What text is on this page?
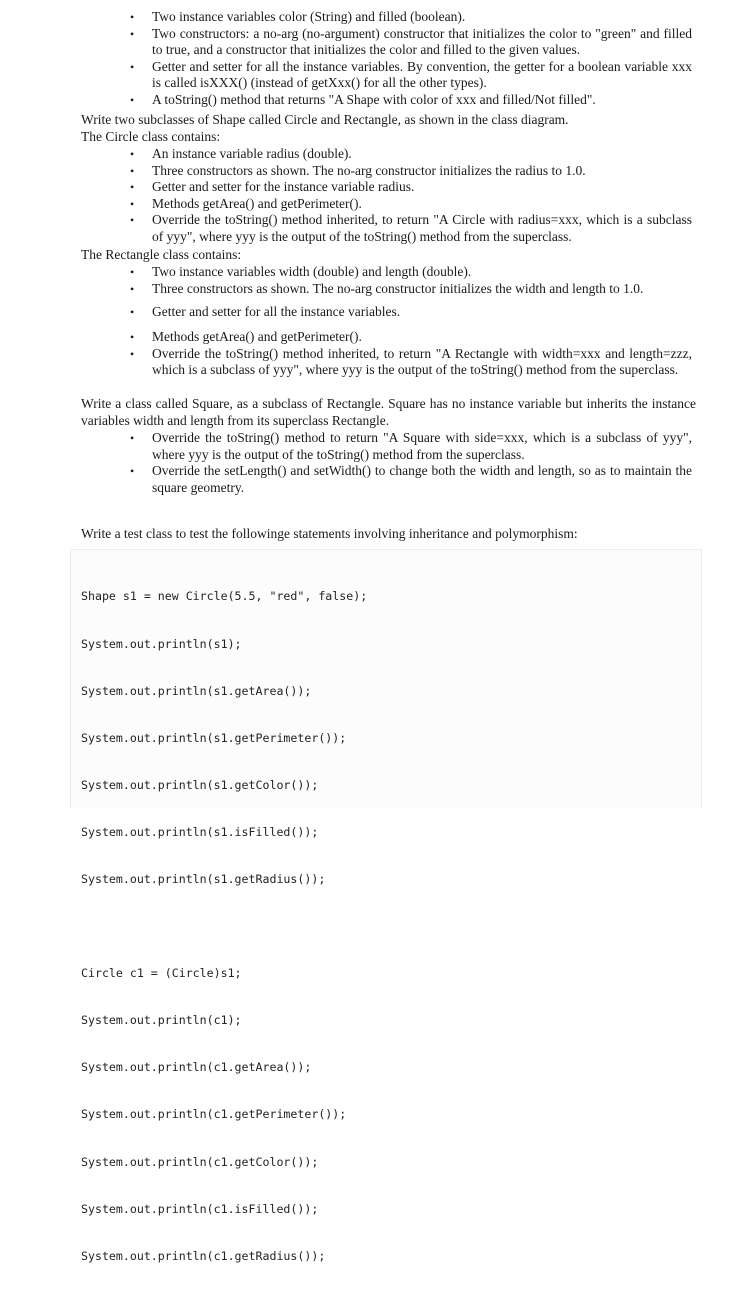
• Two instance variables color (String) and filled (boolean).
• Two constructors: a no-arg (no-argument) constructor that initializes the color to "green" and filled to true, and a constructor that initializes the color and filled to the given values.
• Getter and setter for all the instance variables. By convention, the getter for a boolean variable xxx is called isXXX() (instead of getXxx() for all the other types).
• A toString() method that returns "A Shape with color of xxx and filled/Not filled".

Write two subclasses of Shape called Circle and Rectangle, as shown in the class diagram.

The Circle class contains:

• An instance variable radius (double).
• Three constructors as shown. The no-arg constructor initializes the radius to 1.0.
• Getter and setter for the instance variable radius.
• Methods getArea() and getPerimeter().
• Override the toString() method inherited, to return "A Circle with radius=xxx, which is a subclass of yyy", where yyy is the output of the toString() method from the superclass.

The Rectangle class contains:

• Two instance variables width (double) and length (double).
• Three constructors as shown. The no-arg constructor initializes the width and length to 1.0.
• Getter and setter for all the instance variables.
• Methods getArea() and getPerimeter().
• Override the toString() method inherited, to return "A Rectangle with width=xxx and length=zzz, which is a subclass of yyy", where yyy is the output of the toString() method from the superclass.

Write a class called Square, as a subclass of Rectangle. Square has no instance variable but inherits the instance variables width and length from its superclass Rectangle.

• Override the toString() method to return "A Square with side=xxx, which is a subclass of yyy", where yyy is the output of the toString() method from the superclass.
• Override the setLength() and setWidth() to change both the width and length, so as to maintain the square geometry.

Write a test class to test the followinge statements involving inheritance and polymorphism:

Shape s1 = new Circle(5.5, "red", false);

System.out.println(s1);

System.out.println(s1.getArea());

System.out.println(s1.getPerimeter());

System.out.println(s1.getColor());

System.out.println(s1.isFilled());

System.out.println(s1.getRadius());

Circle c1 = (Circle)s1;

System.out.println(c1);

System.out.println(c1.getArea());

System.out.println(c1.getPerimeter());

System.out.println(c1.getColor());

System.out.println(c1.isFilled());

System.out.println(c1.getRadius());
